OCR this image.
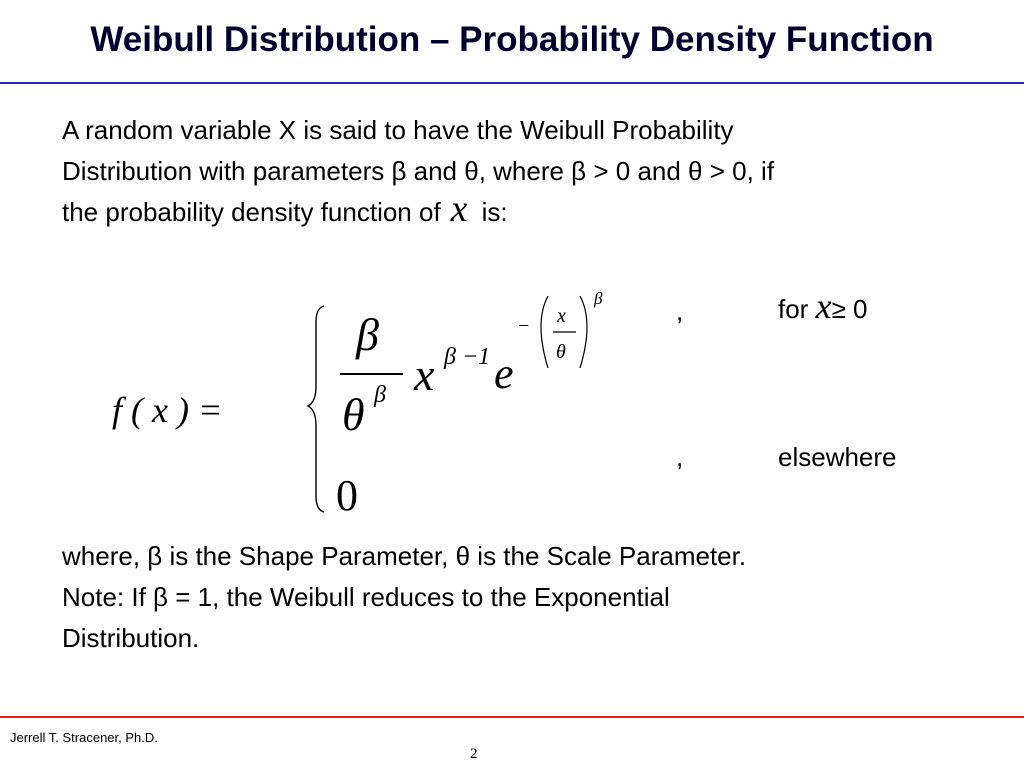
Weibull Distribution – Probability Density Function
A random variable X is said to have the Weibull Probability
Distribution with parameters β and θ, where β > 0 and θ > 0, if
the probability density function of x is:
f ( x ) =
β
θ β x β −1 e
− x
θ
β
0
,	for x≥ 0
,	elsewhere
where, β is the Shape Parameter, θ is the Scale Parameter.
Note: If β = 1, the Weibull reduces to the Exponential
Distribution.
Jerrell T. Stracener, Ph.D.
2
